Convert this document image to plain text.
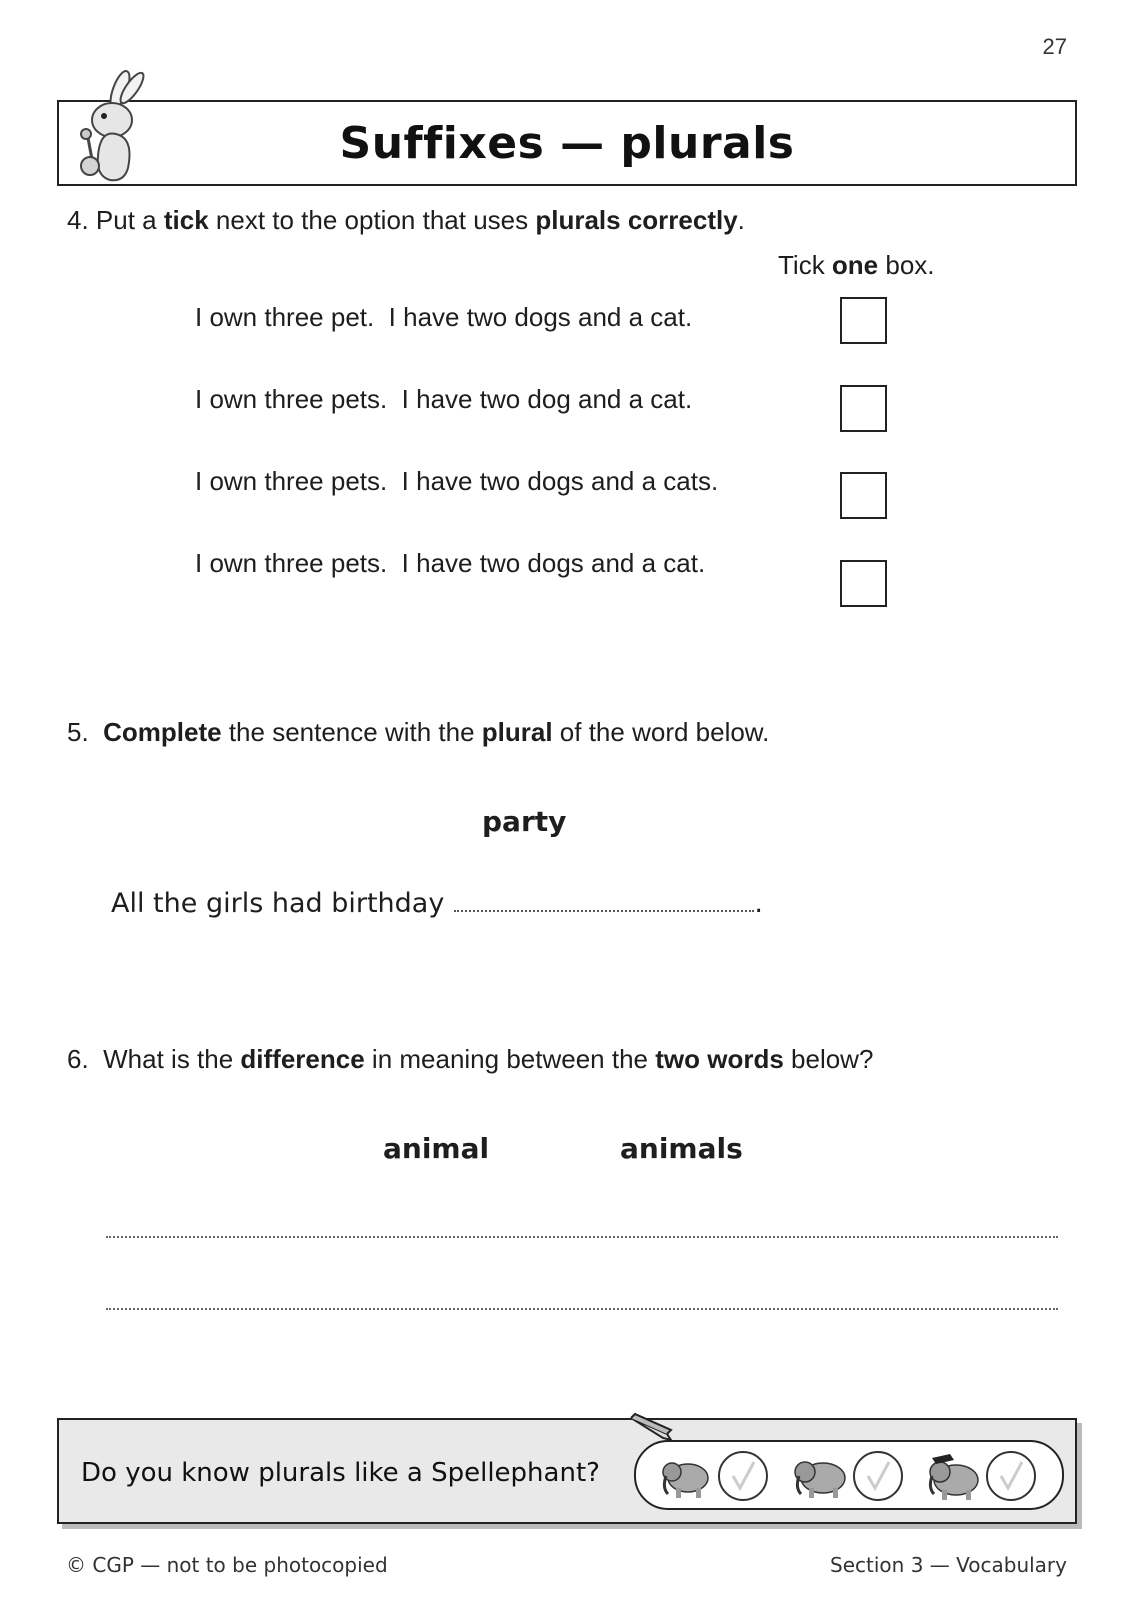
27
Suffixes — plurals
4. Put a tick next to the option that uses plurals correctly.
Tick one box.
I own three pet.  I have two dogs and a cat.
I own three pets.  I have two dog and a cat.
I own three pets.  I have two dogs and a cats.
I own three pets.  I have two dogs and a cat.
5. Complete the sentence with the plural of the word below.
party
All the girls had birthday	.
6. What is the difference in meaning between the two words below?
animal	animals
Do you know plurals like a Spellephant?
© CGP — not to be photocopied	Section 3 — Vocabulary
